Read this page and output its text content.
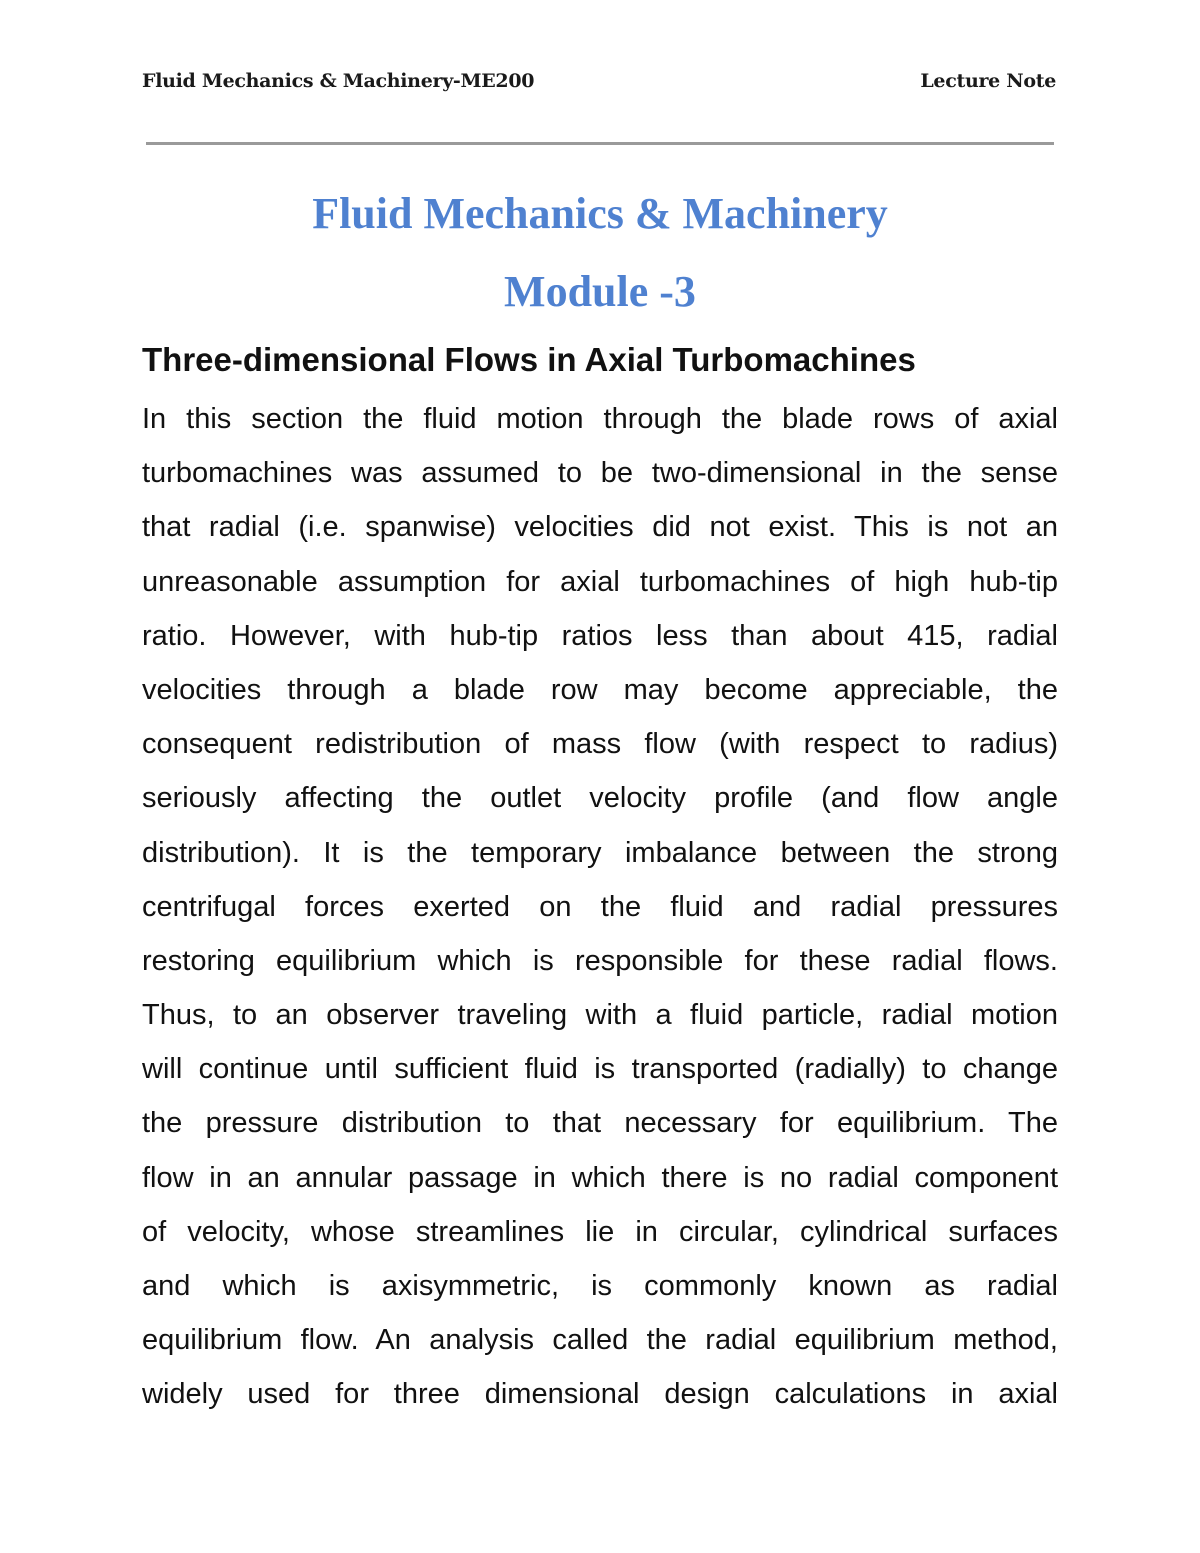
Fluid Mechanics & Machinery-ME200	Lecture Note
Fluid Mechanics & Machinery
Module -3
Three-dimensional Flows in Axial Turbomachines
In this section the fluid motion through the blade rows of axial
turbomachines was assumed to be two-dimensional in the sense
that radial (i.e. spanwise) velocities did not exist. This is not an
unreasonable assumption for axial turbomachines of high hub-tip
ratio. However, with hub-tip ratios less than about 415, radial
velocities through a blade row may become appreciable, the
consequent redistribution of mass flow (with respect to radius)
seriously affecting the outlet velocity profile (and flow angle
distribution). It is the temporary imbalance between the strong
centrifugal forces exerted on the fluid and radial pressures
restoring equilibrium which is responsible for these radial flows.
Thus, to an observer traveling with a fluid particle, radial motion
will continue until sufficient fluid is transported (radially) to change
the pressure distribution to that necessary for equilibrium. The
flow in an annular passage in which there is no radial component
of velocity, whose streamlines lie in circular, cylindrical surfaces
and which is axisymmetric, is commonly known as radial
equilibrium flow. An analysis called the radial equilibrium method,
widely used for three dimensional design calculations in axial
